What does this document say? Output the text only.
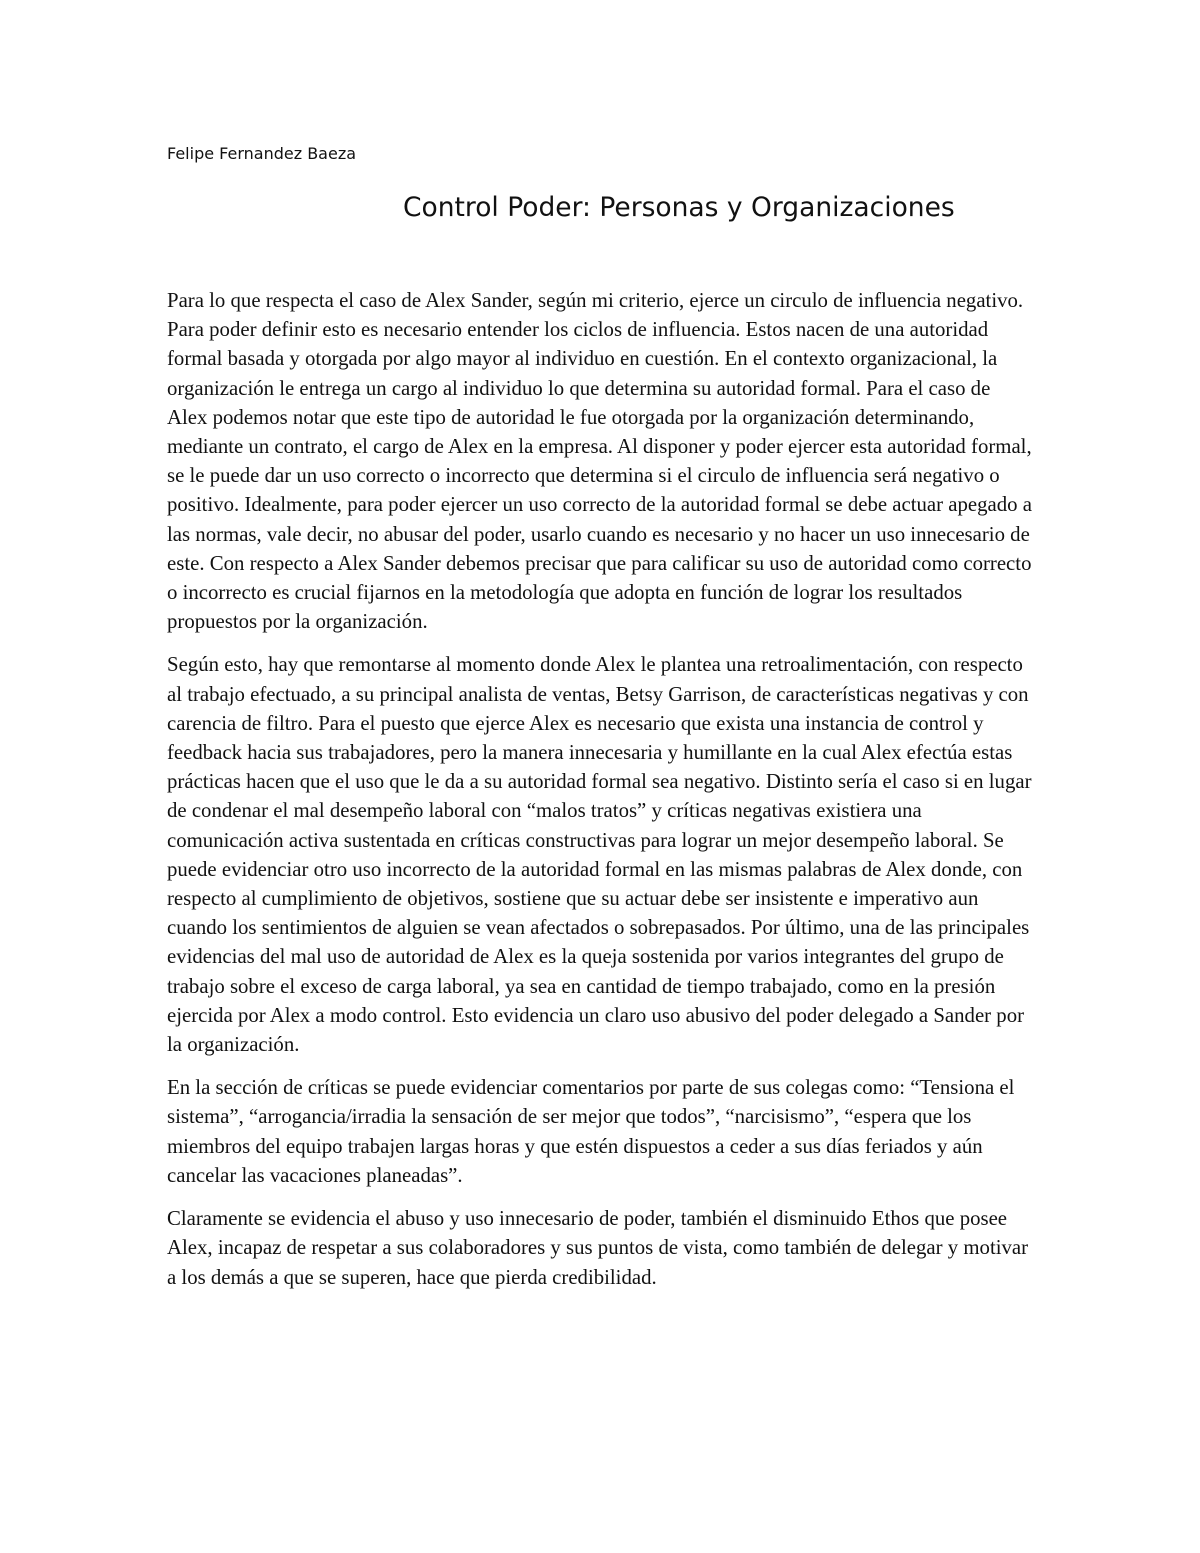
Felipe Fernandez Baeza
Control Poder: Personas y Organizaciones

Para lo que respecta el caso de Alex Sander, según mi criterio, ejerce un circulo de influencia negativo. Para poder definir esto es necesario entender los ciclos de influencia. Estos nacen de una autoridad formal basada y otorgada por algo mayor al individuo en cuestión. En el contexto organizacional, la organización le entrega un cargo al individuo lo que determina su autoridad formal. Para el caso de Alex podemos notar que este tipo de autoridad le fue otorgada por la organización determinando, mediante un contrato, el cargo de Alex en la empresa. Al disponer y poder ejercer esta autoridad formal, se le puede dar un uso correcto o incorrecto que determina si el circulo de influencia será negativo o positivo. Idealmente, para poder ejercer un uso correcto de la autoridad formal se debe actuar apegado a las normas, vale decir, no abusar del poder, usarlo cuando es necesario y no hacer un uso innecesario de este. Con respecto a Alex Sander debemos precisar que para calificar su uso de autoridad como correcto o incorrecto es crucial fijarnos en la metodología que adopta en función de lograr los resultados propuestos por la organización.

Según esto, hay que remontarse al momento donde Alex le plantea una retroalimentación, con respecto al trabajo efectuado, a su principal analista de ventas, Betsy Garrison, de características negativas y con carencia de filtro. Para el puesto que ejerce Alex es necesario que exista una instancia de control y feedback hacia sus trabajadores, pero la manera innecesaria y humillante en la cual Alex efectúa estas prácticas hacen que el uso que le da a su autoridad formal sea negativo. Distinto sería el caso si en lugar de condenar el mal desempeño laboral con “malos tratos” y críticas negativas existiera una comunicación activa sustentada en críticas constructivas para lograr un mejor desempeño laboral. Se puede evidenciar otro uso incorrecto de la autoridad formal en las mismas palabras de Alex donde, con respecto al cumplimiento de objetivos, sostiene que su actuar debe ser insistente e imperativo aun cuando los sentimientos de alguien se vean afectados o sobrepasados. Por último, una de las principales evidencias del mal uso de autoridad de Alex es la queja sostenida por varios integrantes del grupo de trabajo sobre el exceso de carga laboral, ya sea en cantidad de tiempo trabajado, como en la presión ejercida por Alex a modo control. Esto evidencia un claro uso abusivo del poder delegado a Sander por la organización.

En la sección de críticas se puede evidenciar comentarios por parte de sus colegas como: “Tensiona el sistema”, “arrogancia/irradia la sensación de ser mejor que todos”, “narcisismo”, “espera que los miembros del equipo trabajen largas horas y que estén dispuestos a ceder a sus días feriados y aún cancelar las vacaciones planeadas”.

Claramente se evidencia el abuso y uso innecesario de poder, también el disminuido Ethos que posee Alex, incapaz de respetar a sus colaboradores y sus puntos de vista, como también de delegar y motivar a los demás a que se superen, hace que pierda credibilidad.
